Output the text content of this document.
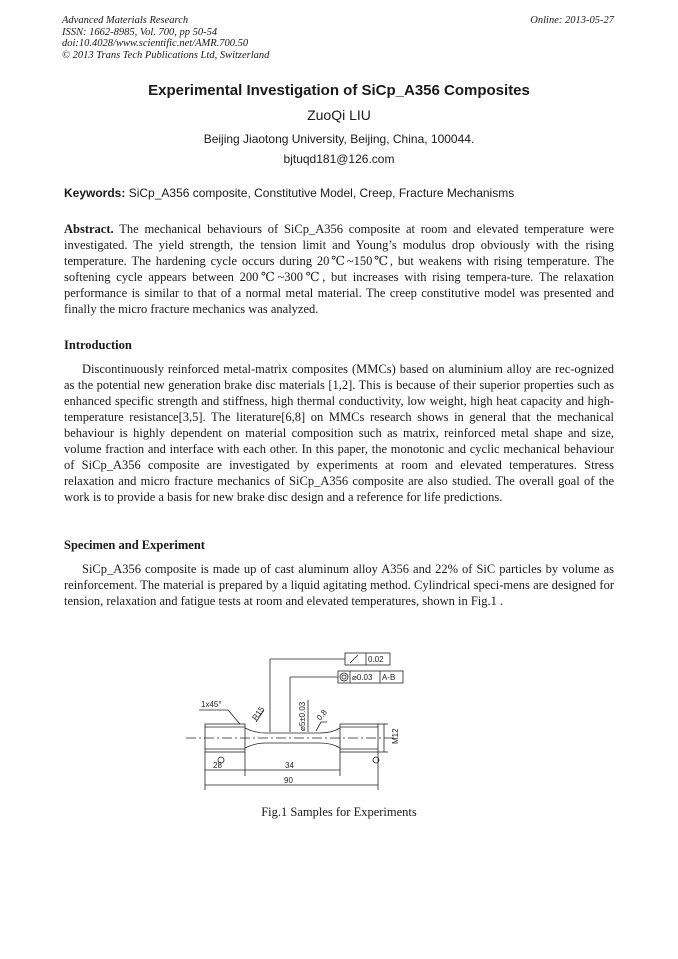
Advanced Materials Research
ISSN: 1662-8985, Vol. 700, pp 50-54
doi:10.4028/www.scientific.net/AMR.700.50
© 2013 Trans Tech Publications Ltd, Switzerland
Online: 2013-05-27
Experimental Investigation of SiCp_A356 Composites
ZuoQi LIU
Beijing Jiaotong University, Beijing, China, 100044.
bjtuqd181@126.com
Keywords: SiCp_A356 composite, Constitutive Model, Creep, Fracture Mechanisms
Abstract. The mechanical behaviours of SiCp_A356 composite at room and elevated temperature were investigated. The yield strength, the tension limit and Young’s modulus drop obviously with the rising temperature. The hardening cycle occurs during 20℃~150℃, but weakens with rising temperature. The softening cycle appears between 200℃~300℃, but increases with rising tempera-ture. The relaxation performance is similar to that of a normal metal material. The creep constitutive model was presented and finally the micro fracture mechanics was analyzed.
Introduction
Discontinuously reinforced metal-matrix composites (MMCs) based on aluminium alloy are rec-ognized as the potential new generation brake disc materials [1,2]. This is because of their superior properties such as enhanced specific strength and stiffness, high thermal conductivity, low weight, high heat capacity and high-temperature resistance[3,5]. The literature[6,8] on MMCs research shows in general that the mechanical behaviour is highly dependent on material composition such as matrix, reinforced metal shape and size, volume fraction and interface with each other. In this paper, the monotonic and cyclic mechanical behaviour of SiCp_A356 composite are investigated by experiments at room and elevated temperatures. Stress relaxation and micro fracture mechanics of SiCp_A356 composite are also studied. The overall goal of the work is to provide a basis for new brake disc design and a reference for life predictions.
Specimen and Experiment
SiCp_A356 composite is made up of cast aluminum alloy A356 and 22% of SiC particles by volume as reinforcement. The material is prepared by a liquid agitating method. Cylindrical speci-mens are designed for tension, relaxation and fatigue tests at room and elevated temperatures, shown in Fig.1 .
0.02
⌀0.03 A-B
1x45°
R15	⌀5±0.03 0.8
M12
28	34
90
Fig.1 Samples for Experiments
